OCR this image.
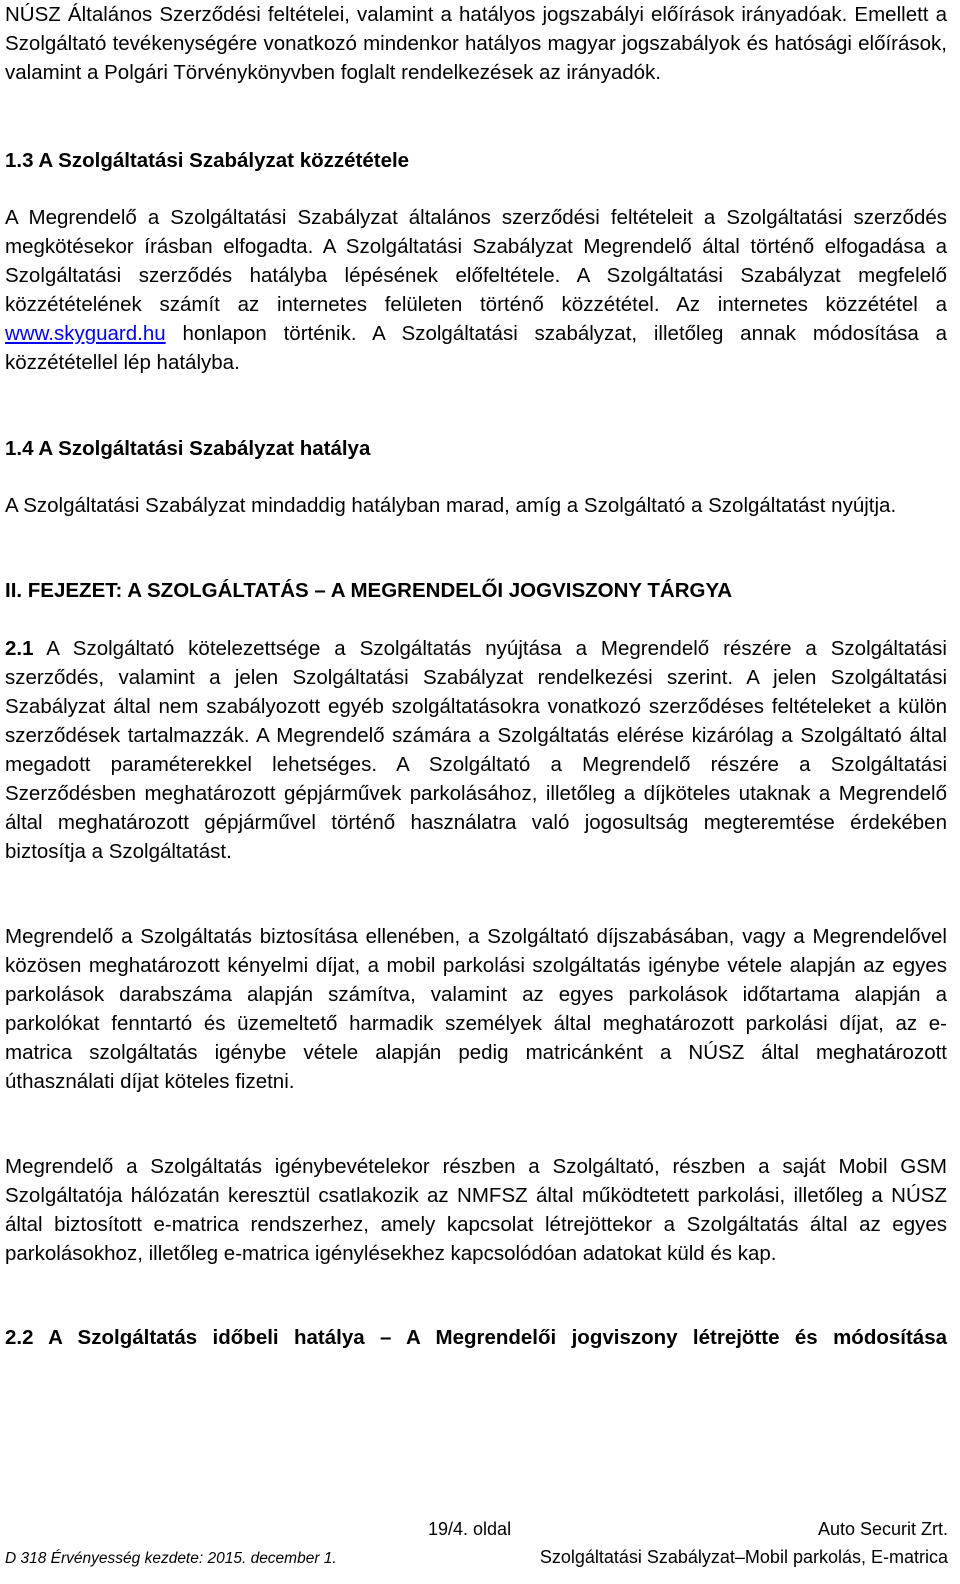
NÚSZ Általános Szerződési feltételei, valamint a hatályos jogszabályi előírások irányadóak. Emellett a Szolgáltató tevékenységére vonatkozó mindenkor hatályos magyar jogszabályok és hatósági előírások, valamint a Polgári Törvénykönyvben foglalt rendelkezések az irányadók.

1.3 A Szolgáltatási Szabályzat közzététele

A Megrendelő a Szolgáltatási Szabályzat általános szerződési feltételeit a Szolgáltatási szerződés megkötésekor írásban elfogadta. A Szolgáltatási Szabályzat Megrendelő által történő elfogadása a Szolgáltatási szerződés hatályba lépésének előfeltétele. A Szolgáltatási Szabályzat megfelelő közzétételének számít az internetes felületen történő közzététel. Az internetes közzététel a www.skyguard.hu honlapon történik. A Szolgáltatási szabályzat, illetőleg annak módosítása a közzététellel lép hatályba.

1.4 A Szolgáltatási Szabályzat hatálya

A Szolgáltatási Szabályzat mindaddig hatályban marad, amíg a Szolgáltató a Szolgáltatást nyújtja.

II. FEJEZET: A SZOLGÁLTATÁS – A MEGRENDELŐI JOGVISZONY TÁRGYA

2.1 A Szolgáltató kötelezettsége a Szolgáltatás nyújtása a Megrendelő részére a Szolgáltatási szerződés, valamint a jelen Szolgáltatási Szabályzat rendelkezési szerint. A jelen Szolgáltatási Szabályzat által nem szabályozott egyéb szolgáltatásokra vonatkozó szerződéses feltételeket a külön szerződések tartalmazzák. A Megrendelő számára a Szolgáltatás elérése kizárólag a Szolgáltató által megadott paraméterekkel lehetséges. A Szolgáltató a Megrendelő részére a Szolgáltatási Szerződésben meghatározott gépjárművek parkolásához, illetőleg a díjköteles utaknak a Megrendelő által meghatározott gépjárművel történő használatra való jogosultság megteremtése érdekében biztosítja a Szolgáltatást.

Megrendelő a Szolgáltatás biztosítása ellenében, a Szolgáltató díjszabásában, vagy a Megrendelővel közösen meghatározott kényelmi díjat, a mobil parkolási szolgáltatás igénybe vétele alapján az egyes parkolások darabszáma alapján számítva, valamint az egyes parkolások időtartama alapján a parkolókat fenntartó és üzemeltető harmadik személyek által meghatározott parkolási díjat, az e-matrica szolgáltatás igénybe vétele alapján pedig matricánként a NÚSZ által meghatározott úthasználati díjat köteles fizetni.

Megrendelő a Szolgáltatás igénybevételekor részben a Szolgáltató, részben a saját Mobil GSM Szolgáltatója hálózatán keresztül csatlakozik az NMFSZ által működtetett parkolási, illetőleg a NÚSZ által biztosított e-matrica rendszerhez, amely kapcsolat létrejöttekor a Szolgáltatás által az egyes parkolásokhoz, illetőleg e-matrica igénylésekhez kapcsolódóan adatokat küld és kap.

2.2 A Szolgáltatás időbeli hatálya – A Megrendelői jogviszony létrejötte és módosítása
19/4. oldal	Auto Securit Zrt.
D 318 Érvényesség kezdete: 2015. december 1.	Szolgáltatási Szabályzat–Mobil parkolás, E-matrica
